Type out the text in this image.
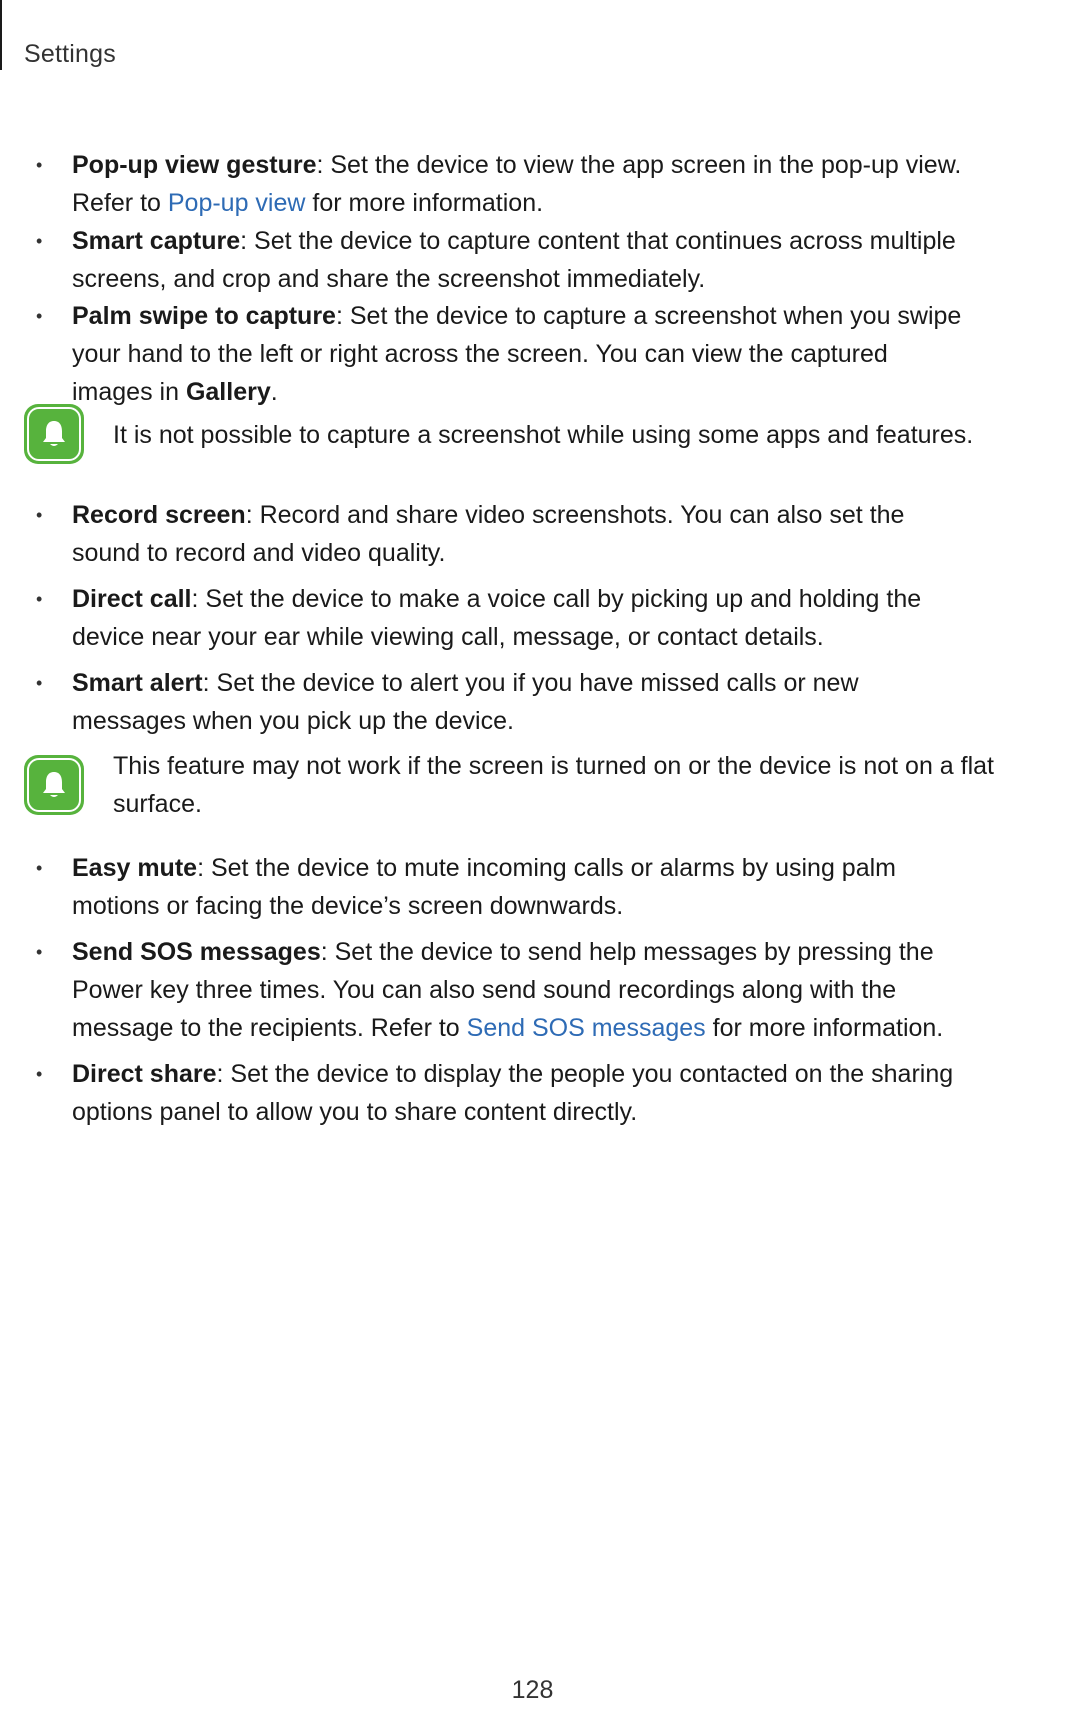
Settings
• Pop-up view gesture: Set the device to view the app screen in the pop-up view. Refer to Pop-up view for more information.
• Smart capture: Set the device to capture content that continues across multiple screens, and crop and share the screenshot immediately.
• Palm swipe to capture: Set the device to capture a screenshot when you swipe your hand to the left or right across the screen. You can view the captured images in Gallery.
It is not possible to capture a screenshot while using some apps and features.
• Record screen: Record and share video screenshots. You can also set the sound to record and video quality.
• Direct call: Set the device to make a voice call by picking up and holding the device near your ear while viewing call, message, or contact details.
• Smart alert: Set the device to alert you if you have missed calls or new messages when you pick up the device.
This feature may not work if the screen is turned on or the device is not on a flat surface.
• Easy mute: Set the device to mute incoming calls or alarms by using palm motions or facing the device’s screen downwards.
• Send SOS messages: Set the device to send help messages by pressing the Power key three times. You can also send sound recordings along with the message to the recipients. Refer to Send SOS messages for more information.
• Direct share: Set the device to display the people you contacted on the sharing options panel to allow you to share content directly.
128
